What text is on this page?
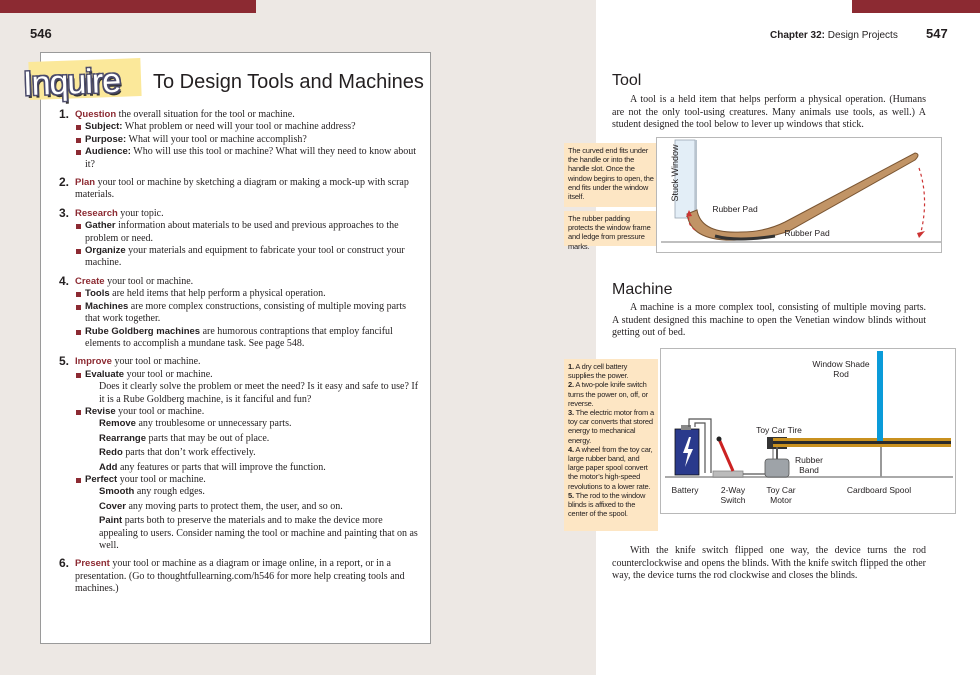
546
Inquire To Design Tools and Machines
1. Question the overall situation for the tool or machine.
Subject: What problem or need will your tool or machine address?
Purpose: What will your tool or machine accomplish?
Audience: Who will use this tool or machine? What will they need to know about it?
2. Plan your tool or machine by sketching a diagram or making a mock-up with scrap materials.
3. Research your topic.
Gather information about materials to be used and previous approaches to the problem or need.
Organize your materials and equipment to fabricate your tool or construct your machine.
4. Create your tool or machine.
Tools are held items that help perform a physical operation.
Machines are more complex constructions, consisting of multiple moving parts that work together.
Rube Goldberg machines are humorous contraptions that employ fanciful elements to accomplish a mundane task. See page 548.
5. Improve your tool or machine.
Evaluate your tool or machine.
Does it clearly solve the problem or meet the need? Is it easy and safe to use? If it is a Rube Goldberg machine, is it fanciful and fun?
Revise your tool or machine.
Remove any troublesome or unnecessary parts.
Rearrange parts that may be out of place.
Redo parts that don’t work effectively.
Add any features or parts that will improve the function.
Perfect your tool or machine.
Smooth any rough edges.
Cover any moving parts to protect them, the user, and so on.
Paint parts both to preserve the materials and to make the device more appealing to users. Consider naming the tool or machine and painting that on as well.
6. Present your tool or machine as a diagram or image online, in a report, or in a presentation. (Go to thoughtfullearning.com/h546 for more help creating tools and machines.)
Chapter 32: Design Projects 547
Tool
A tool is a held item that helps perform a physical operation. (Humans are not the only tool-using creatures. Many animals use tools, as well.) A student designed the tool below to lever up windows that stick.
The curved end fits under the handle or into the handle slot. Once the window begins to open, the end fits under the window itself.
The rubber padding protects the window frame and ledge from pressure marks.
Stuck Window
Rubber Pad
Rubber Pad
Machine
A machine is a more complex tool, consisting of multiple moving parts. A student designed this machine to open the Venetian window blinds without getting out of bed.
1. A dry cell battery supplies the power.
2. A two-pole knife switch turns the power on, off, or reverse.
3. The electric motor from a toy car converts that stored energy to mechanical energy.
4. A wheel from the toy car, large rubber band, and large paper spool convert the motor’s high-speed revolutions to a lower rate.
5. The rod to the window blinds is affixed to the center of the spool.
Window Shade Rod
Toy Car Tire
Rubber Band
Battery	2-Way Switch
Toy Car Motor
Cardboard Spool
With the knife switch flipped one way, the device turns the rod counterclockwise and opens the blinds. With the knife switch flipped the other way, the device turns the rod clockwise and closes the blinds.
